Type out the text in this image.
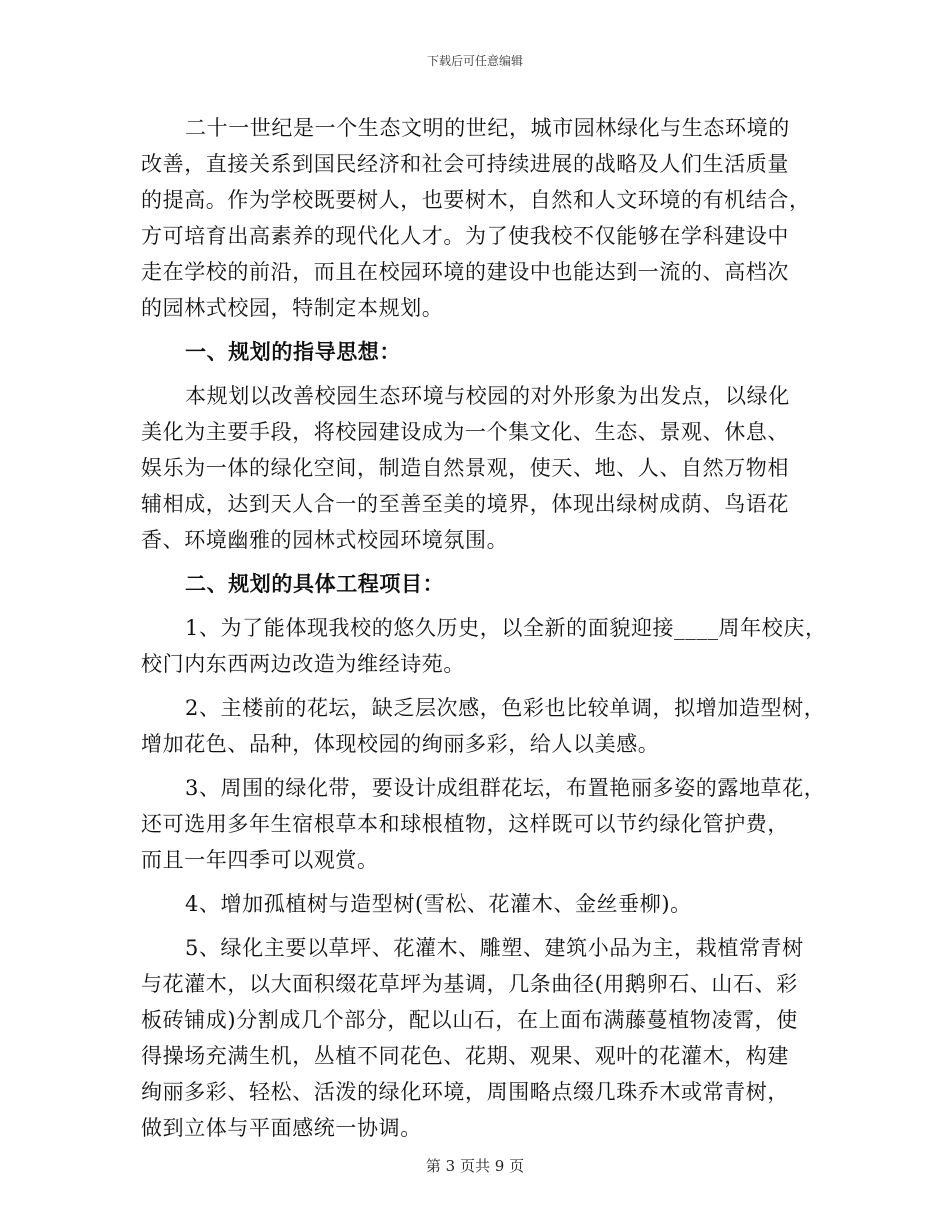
下载后可任意编辑
二十一世纪是一个生态文明的世纪，城市园林绿化与生态环境的
改善，直接关系到国民经济和社会可持续进展的战略及人们生活质量
的提高。作为学校既要树人，也要树木，自然和人文环境的有机结合，
方可培育出高素养的现代化人才。为了使我校不仅能够在学科建设中
走在学校的前沿，而且在校园环境的建设中也能达到一流的、高档次
的园林式校园，特制定本规划。
一、规划的指导思想：
本规划以改善校园生态环境与校园的对外形象为出发点，以绿化
美化为主要手段，将校园建设成为一个集文化、生态、景观、休息、
娱乐为一体的绿化空间，制造自然景观，使天、地、人、自然万物相
辅相成，达到天人合一的至善至美的境界，体现出绿树成荫、鸟语花
香、环境幽雅的园林式校园环境氛围。
二、规划的具体工程项目：
1、为了能体现我校的悠久历史，以全新的面貌迎接____周年校庆，
校门内东西两边改造为维经诗苑。
2、主楼前的花坛，缺乏层次感，色彩也比较单调，拟增加造型树，
增加花色、品种，体现校园的绚丽多彩，给人以美感。
3、周围的绿化带，要设计成组群花坛，布置艳丽多姿的露地草花，
还可选用多年生宿根草本和球根植物，这样既可以节约绿化管护费，
而且一年四季可以观赏。
4、增加孤植树与造型树(雪松、花灌木、金丝垂柳)。
5、绿化主要以草坪、花灌木、雕塑、建筑小品为主，栽植常青树
与花灌木，以大面积缀花草坪为基调，几条曲径(用鹅卵石、山石、彩
板砖铺成)分割成几个部分，配以山石，在上面布满藤蔓植物凌霄，使
得操场充满生机，丛植不同花色、花期、观果、观叶的花灌木，构建
绚丽多彩、轻松、活泼的绿化环境，周围略点缀几珠乔木或常青树，
做到立体与平面感统一协调。
第 3 页共 9 页
